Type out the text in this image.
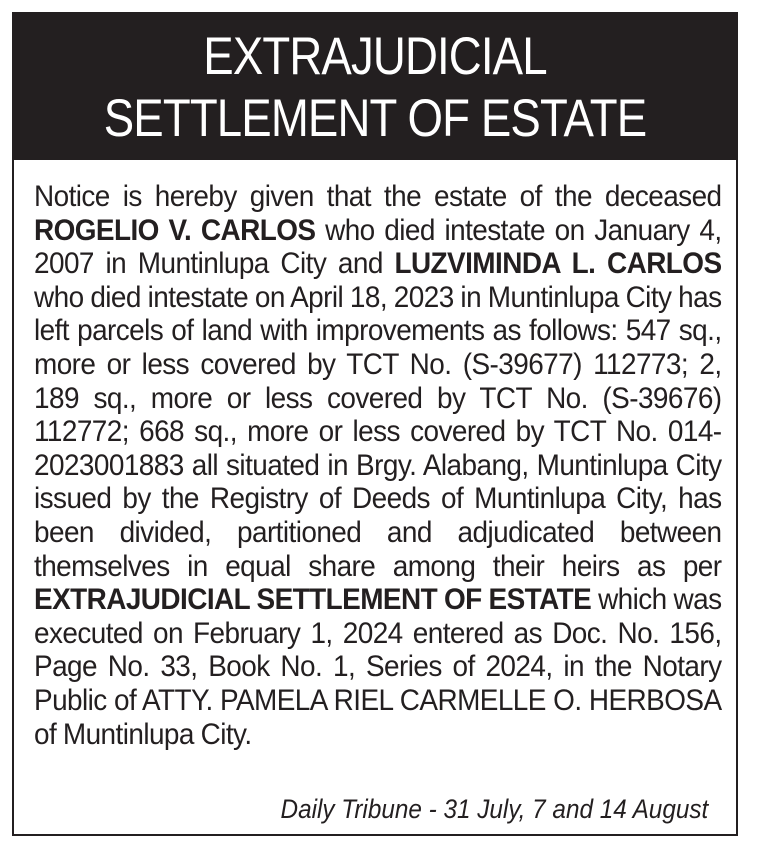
EXTRAJUDICIAL
SETTLEMENT OF ESTATE

Notice is hereby given that the estate of the deceased ROGELIO V. CARLOS who died intestate on January 4, 2007 in Muntinlupa City and LUZVIMINDA L. CARLOS who died intestate on April 18, 2023 in Muntinlupa City has left parcels of land with improvements as follows: 547 sq., more or less covered by TCT No. (S-39677) 112773; 2, 189 sq., more or less covered by TCT No. (S-39676) 112772; 668 sq., more or less covered by TCT No. 014-2023001883 all situated in Brgy. Alabang, Muntinlupa City issued by the Registry of Deeds of Muntinlupa City, has been divided, partitioned and adjudicated between themselves in equal share among their heirs as per EXTRAJUDICIAL SETTLEMENT OF ESTATE which was executed on February 1, 2024 entered as Doc. No. 156, Page No. 33, Book No. 1, Series of 2024, in the Notary Public of ATTY. PAMELA RIEL CARMELLE O. HERBOSA of Muntinlupa City.

Daily Tribune - 31 July, 7 and 14 August
